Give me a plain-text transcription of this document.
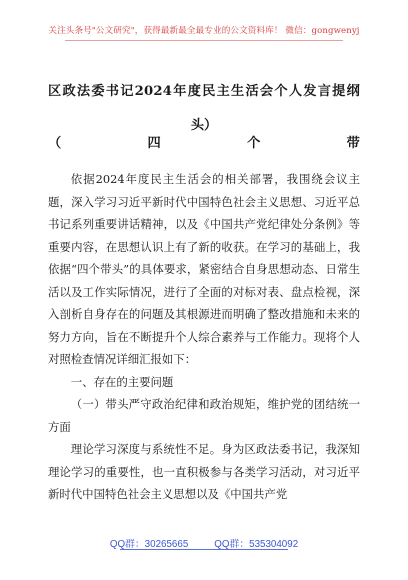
关注头条号"公文研究"，获得最新最全最专业的公文资料库！ 微信：gongwenyj
区政法委书记2024年度民主生活会个人发言提纲（四个带
头）

依据2024年度民主生活会的相关部署，我围绕会议主题，深入学习习近平新时代中国特色社会主义思想、习近平总书记系列重要讲话精神，以及《中国共产党纪律处分条例》等重要内容，在思想认识上有了新的收获。在学习的基础上，我依据“四个带头”的具体要求，紧密结合自身思想动态、日常生活以及工作实际情况，进行了全面的对标对表、盘点检视，深入剖析自身存在的问题及其根源进而明确了整改措施和未来的努力方向，旨在不断提升个人综合素养与工作能力。现将个人对照检查情况详细汇报如下：

一、存在的主要问题

（一）带头严守政治纪律和政治规矩，维护党的团结统一方面

理论学习深度与系统性不足。身为区政法委书记，我深知理论学习的重要性，也一直积极参与各类学习活动，对习近平新时代中国特色社会主义思想以及《中国共产党

QQ群：30265665	QQ群：535304092
